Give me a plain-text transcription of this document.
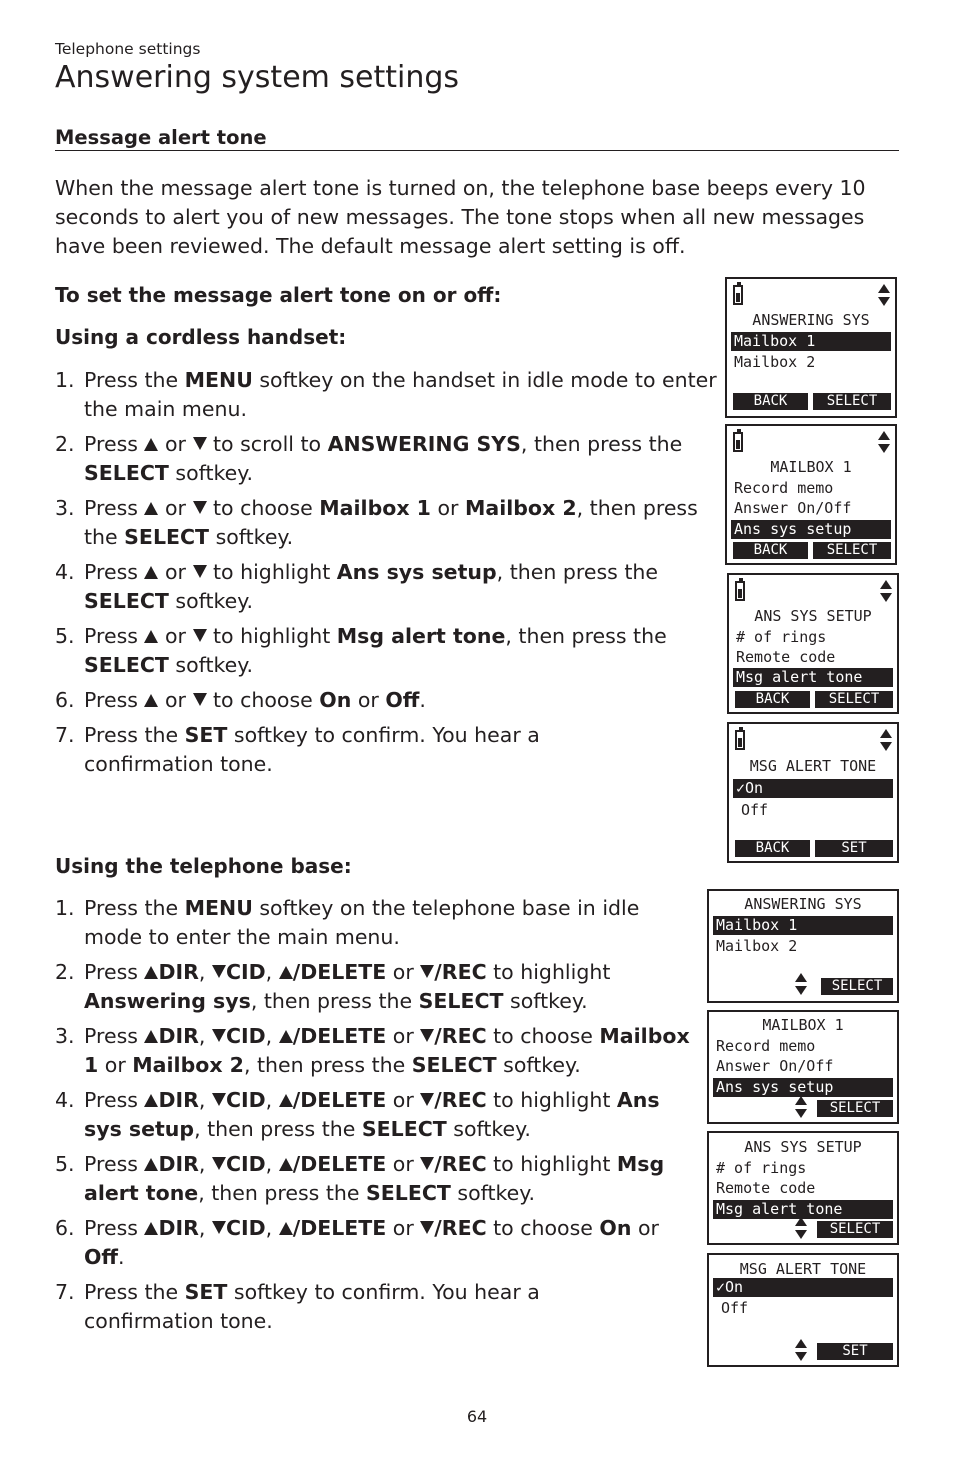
Telephone settings
Answering system settings
Message alert tone

When the message alert tone is turned on, the telephone base beeps every 10 seconds to alert you of new messages. The tone stops when all new messages have been reviewed. The default message alert setting is off.

To set the message alert tone on or off:

Using a cordless handset:

1. Press the MENU softkey on the handset in idle mode to enter the main menu.
2. Press  or  to scroll to ANSWERING SYS, then press the SELECT softkey.
3. Press  or  to choose Mailbox 1 or Mailbox 2, then press the SELECT softkey.
4. Press  or  to highlight Ans sys setup, then press the SELECT softkey.
5. Press  or  to highlight Msg alert tone, then press the SELECT softkey.
6. Press  or  to choose On or Off.
7. Press the SET softkey to confirm. You hear a confirmation tone.

Using the telephone base:

1. Press the MENU softkey on the telephone base in idle mode to enter the main menu.
2. Press DIR, CID, /DELETE or /REC to highlight Answering sys, then press the SELECT softkey.
3. Press DIR, CID, /DELETE or /REC to choose Mailbox 1 or Mailbox 2, then press the SELECT softkey.
4. Press DIR, CID, /DELETE or /REC to highlight Ans sys setup, then press the SELECT softkey.
5. Press DIR, CID, /DELETE or /REC to highlight Msg alert tone, then press the SELECT softkey.
6. Press DIR, CID, /DELETE or /REC to choose On or Off.
7. Press the SET softkey to confirm. You hear a confirmation tone.
ANSWERING SYS
Mailbox 1
Mailbox 2
BACK	SELECT
MAILBOX 1
Record memo
Answer On/Off
Ans sys setup
BACK	SELECT
ANS SYS SETUP
# of rings
Remote code
Msg alert tone
BACK	SELECT
MSG ALERT TONE
✓On
Off
BACK	SET
ANSWERING SYS
Mailbox 1
Mailbox 2
SELECT
MAILBOX 1
Record memo
Answer On/Off
Ans sys setup
SELECT
ANS SYS SETUP
# of rings
Remote code
Msg alert tone
SELECT
MSG ALERT TONE
✓On
Off
SET
64
